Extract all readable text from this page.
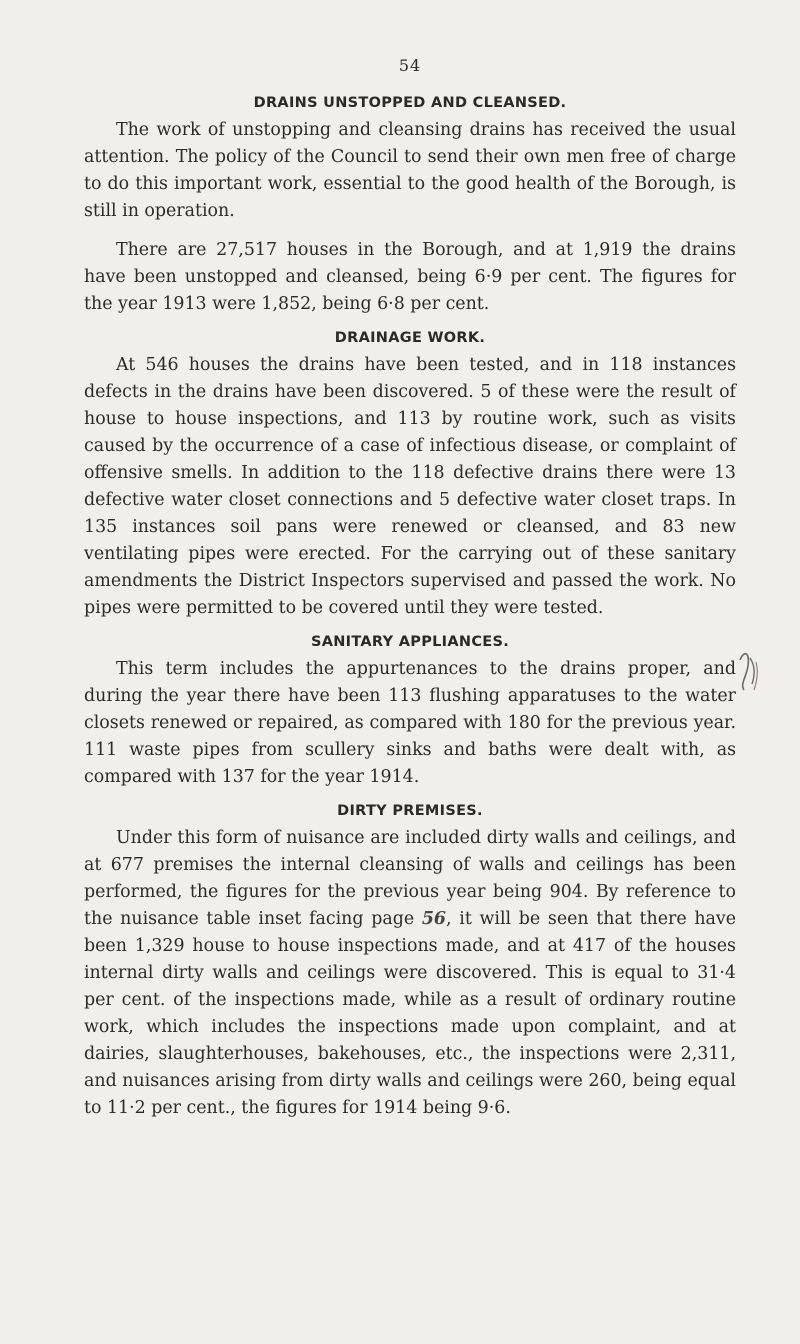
54
DRAINS UNSTOPPED AND CLEANSED.

The work of unstopping and cleansing drains has received the usual attention. The policy of the Council to send their own men free of charge to do this important work, essential to the good health of the Borough, is still in operation.

There are 27,517 houses in the Borough, and at 1,919 the drains have been unstopped and cleansed, being 6·9 per cent. The figures for the year 1913 were 1,852, being 6·8 per cent.

DRAINAGE WORK.

At 546 houses the drains have been tested, and in 118 instances defects in the drains have been discovered. 5 of these were the result of house to house inspections, and 113 by routine work, such as visits caused by the occurrence of a case of infectious disease, or complaint of offensive smells. In addition to the 118 defective drains there were 13 defective water closet connections and 5 defective water closet traps. In 135 instances soil pans were renewed or cleansed, and 83 new ventilating pipes were erected. For the carrying out of these sanitary amendments the District Inspectors supervised and passed the work. No pipes were permitted to be covered until they were tested.

SANITARY APPLIANCES.

This term includes the appurtenances to the drains proper, and during the year there have been 113 flushing apparatuses to the water closets renewed or repaired, as compared with 180 for the previous year. 111 waste pipes from scullery sinks and baths were dealt with, as compared with 137 for the year 1914.

DIRTY PREMISES.

Under this form of nuisance are included dirty walls and ceilings, and at 677 premises the internal cleansing of walls and ceilings has been performed, the figures for the previous year being 904. By reference to the nuisance table inset facing page 56, it will be seen that there have been 1,329 house to house inspections made, and at 417 of the houses internal dirty walls and ceilings were discovered. This is equal to 31·4 per cent. of the inspections made, while as a result of ordinary routine work, which includes the inspections made upon complaint, and at dairies, slaughterhouses, bakehouses, etc., the inspections were 2,311, and nuisances arising from dirty walls and ceilings were 260, being equal to 11·2 per cent., the figures for 1914 being 9·6.
